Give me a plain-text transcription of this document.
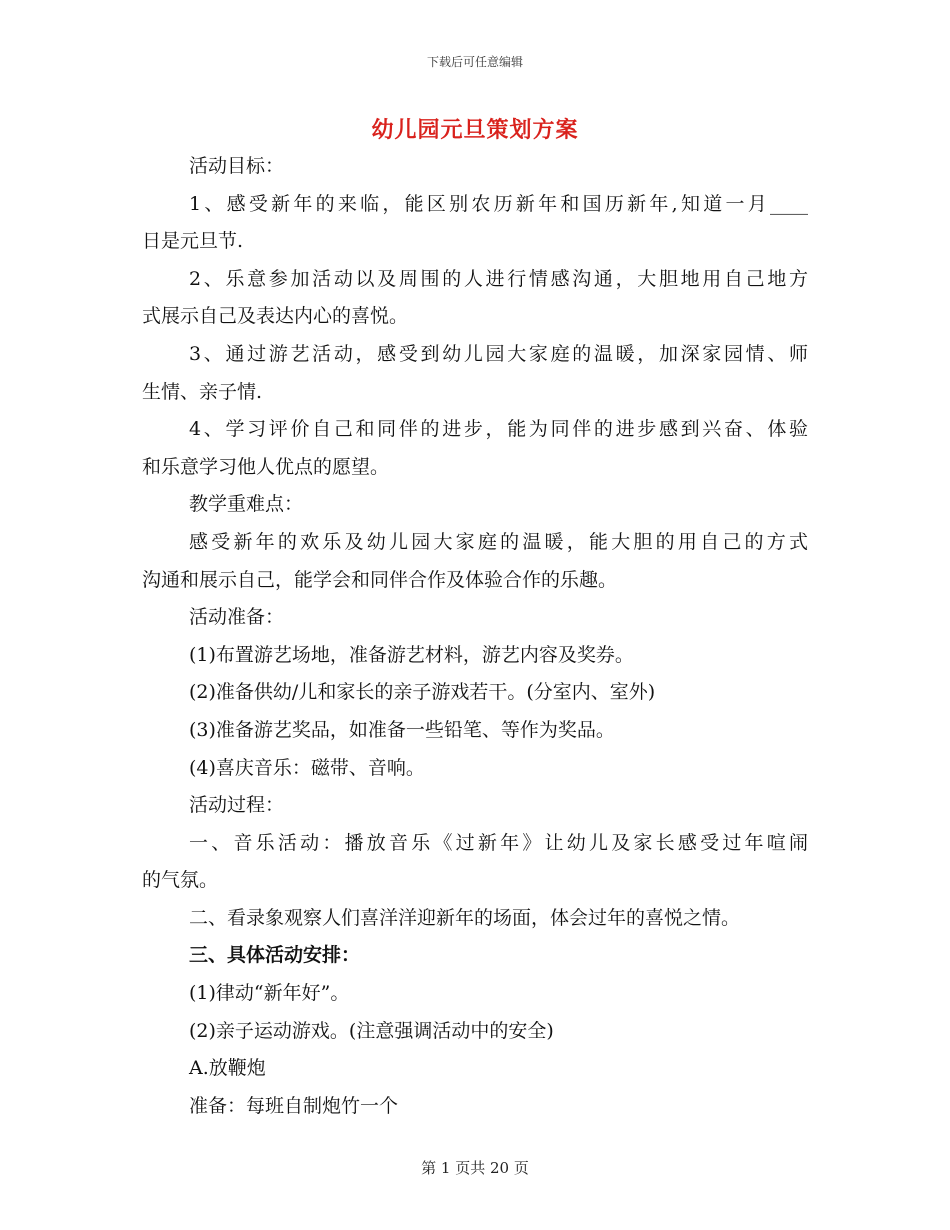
下载后可任意编辑
幼儿园元旦策划方案
活动目标：
1、感受新年的来临，能区别农历新年和国历新年,知道一月____
日是元旦节.
2、乐意参加活动以及周围的人进行情感沟通，大胆地用自己地方
式展示自己及表达内心的喜悦。
3、通过游艺活动，感受到幼儿园大家庭的温暖，加深家园情、师
生情、亲子情.
4、学习评价自己和同伴的进步，能为同伴的进步感到兴奋、体验
和乐意学习他人优点的愿望。
教学重难点：
感受新年的欢乐及幼儿园大家庭的温暖，能大胆的用自己的方式
沟通和展示自己，能学会和同伴合作及体验合作的乐趣。
活动准备：
(1)布置游艺场地，准备游艺材料，游艺内容及奖券。
(2)准备供幼/儿和家长的亲子游戏若干。(分室内、室外)
(3)准备游艺奖品，如准备一些铅笔、等作为奖品。
(4)喜庆音乐：磁带、音响。
活动过程：
一、音乐活动：播放音乐《过新年》让幼儿及家长感受过年喧闹
的气氛。
二、看录象观察人们喜洋洋迎新年的场面，体会过年的喜悦之情。
三、具体活动安排：
(1)律动“新年好”。
(2)亲子运动游戏。(注意强调活动中的安全)
A.放鞭炮
准备：每班自制炮竹一个
第 1 页共 20 页
